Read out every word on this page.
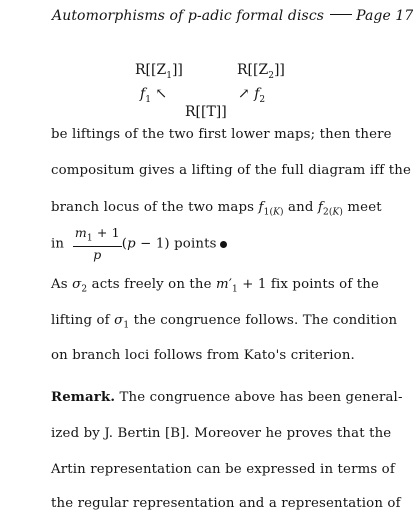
Automorphisms of p-adic formal discs Page 17
$R[[Z_1]]$	$R[[Z_2]]$
$f_1$ ↖	↗ $f_2$
R[[T]]
be liftings of the two first lower maps; then there
compositum gives a lifting of the full diagram iff the
branch locus of the two maps $f_{1(K)}$ and $f_{2(K)}$ meet
in $\frac{m_1 + 1}{p} (p - 1)$ points
As $\sigma_2$ acts freely on the $m'_1 + 1$ fix points of the
lifting of $\sigma_1$ the congruence follows. The condition
on branch loci follows from Kato's criterion.
Remark. The congruence above has been general-
ized by J. Bertin [B]. Moreover he proves that the
Artin representation can be expressed in terms of
the regular representation and a representation of
